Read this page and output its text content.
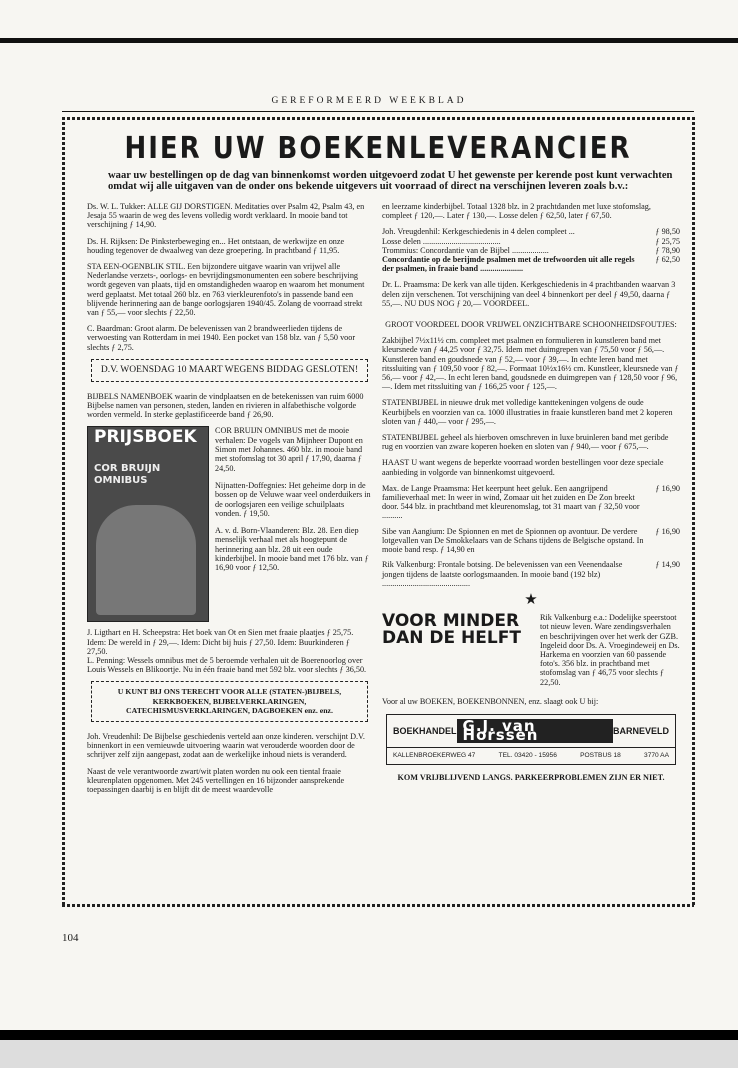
GEREFORMEERD WEEKBLAD
HIER UW BOEKENLEVERANCIER
waar uw bestellingen op de dag van binnenkomst worden uitgevoerd zodat U het gewenste per kerende post kunt verwachten omdat wij alle uitgaven van de onder ons bekende uitgevers uit voorraad of direct na verschijnen leveren zoals b.v.:

Ds. W. L. Tukker: ALLE GIJ DORSTIGEN. Meditaties over Psalm 42, Psalm 43, en Jesaja 55 waarin de weg des levens volledig wordt verklaard. In mooie band tot verschijning ƒ 14,90.

Ds. H. Rijksen: De Pinksterbeweging en... Het ontstaan, de werkwijze en onze houding tegenover de dwaalweg van deze groepering. In prachtband ƒ 11,95.

STA EEN-OGENBLIK STIL. Een bijzondere uitgave waarin van vrijwel alle Nederlandse verzets-, oorlogs- en bevrijdingsmonumenten een sobere beschrijving wordt gegeven van plaats, tijd en omstandigheden waarop en waarom het monument werd geplaatst. Met totaal 260 blz. en 763 vierkleurenfoto's in passende band een blijvende herinnering aan de bange oorlogsjaren 1940/45. Zolang de voorraad strekt van ƒ 55,— voor slechts ƒ 22,50.

C. Baardman: Groot alarm. De belevenissen van 2 brandweerlieden tijdens de verwoesting van Rotterdam in mei 1940. Een pocket van 158 blz. van ƒ 5,50 voor slechts ƒ 2,75.

D.V. WOENSDAG 10 MAART WEGENS BIDDAG GESLOTEN!

BIJBELS NAMENBOEK waarin de vindplaatsen en de betekenissen van ruim 6000 Bijbelse namen van personen, steden, landen en rivieren in alfabethische volgorde worden vermeld. In sterke geplastificeerde band ƒ 26,90.

PRIJSBOEK
COR BRUIJN OMNIBUS

COR BRUIJN OMNIBUS met de mooie verhalen: De vogels van Mijnheer Dupont en Simon met Johannes. 460 blz. in mooie band met stofomslag tot 30 april ƒ 17,90, daarna ƒ 24,50.

Nijnatten-Doffegnies: Het geheime dorp in de bossen op de Veluwe waar veel onderduikers in de oorlogsjaren een veilige schuilplaats vonden. ƒ 19,50.

A. v. d. Born-Vlaanderen: Blz. 28. Een diep menselijk verhaal met als hoogtepunt de herinnering aan blz. 28 uit een oude kinderbijbel. In mooie band met 176 blz. van ƒ 16,90 voor ƒ 12,50.

J. Ligthart en H. Scheepstra: Het boek van Ot en Sien met fraaie plaatjes ƒ 25,75. Idem: De wereld in ƒ 29,—. Idem: Dicht bij huis ƒ 27,50. Idem: Buurkinderen ƒ 27,50.

L. Penning: Wessels omnibus met de 5 beroemde verhalen uit de Boerenoorlog over Louis Wessels en Blikoortje. Nu in één fraaie band met 592 blz. voor slechts ƒ 36,50.

U KUNT BIJ ONS TERECHT VOOR ALLE (STATEN-)BIJBELS, KERKBOEKEN, BIJBELVERKLARINGEN, CATECHISMUSVERKLARINGEN, DAGBOEKEN enz. enz.

Joh. Vreudenhil: De Bijbelse geschiedenis verteld aan onze kinderen. verschijnt D.V. binnenkort in een vernieuwde uitvoering waarin wat verouderde woorden door de schrijver zelf zijn aangepast, zodat aan de werkelijke inhoud niets is veranderd.

Naast de vele verantwoorde zwart/wit platen worden nu ook een tiental fraaie kleurenplaten opgenomen. Met 245 vertellingen en 16 bijzonder aansprekende toepassingen daarbij is en blijft dit de meest waardevolle

en leerzame kinderbijbel. Totaal 1328 blz. in 2 prachtdanden met luxe stofomslag, compleet ƒ 120,—. Later ƒ 130,—. Losse delen ƒ 62,50, later ƒ 67,50.

Joh. Vreugdenhil: Kerkgeschiedenis in 4 delen compleet ...	ƒ 98,50
Losse delen ......................................	ƒ 25,75
Trommius: Concordantie van de Bijbel ..................	ƒ 78,90
Concordantie op de berijmde psalmen met de trefwoorden uit alle regels der psalmen, in fraaie band .....................
ƒ 62,50

Dr. L. Praamsma: De kerk van alle tijden. Kerkgeschiedenis in 4 prachtbanden waarvan 3 delen zijn verschenen. Tot verschijning van deel 4 binnenkort per deel ƒ 49,50, daarna ƒ 55,—. NU DUS NOG ƒ 20,— VOORDEEL.

GROOT VOORDEEL DOOR VRIJWEL ONZICHTBARE SCHOONHEIDSFOUTJES:

Zakbijbel 7½x11½ cm. compleet met psalmen en formulieren in kunstleren band met kleursnede van ƒ 44,25 voor ƒ 32,75. Idem met duimgrepen van ƒ 75,50 voor ƒ 56,—. Kunstleren band en goudsnede van ƒ 52,— voor ƒ 39,—. In echte leren band met ritssluiting van ƒ 109,50 voor ƒ 82,—. Formaat 10½x16½ cm. Kunstleer, kleursnede van ƒ 56,— voor ƒ 42,—. In echt leren band, goudsnede en duimgrepen van ƒ 128,50 voor ƒ 96,—. Idem met ritssluiting van ƒ 166,25 voor ƒ 125,—.

STATENBIJBEL in nieuwe druk met volledige kanttekeningen volgens de oude Keurbijbels en voorzien van ca. 1000 illustraties in fraaie kunstleren band met 2 koperen sloten van ƒ 440,— voor ƒ 295,—.

STATENBIJBEL geheel als hierboven omschreven in luxe bruinleren band met geribde rug en voorzien van zware koperen hoeken en sloten van ƒ 940,— voor ƒ 675,—.

HAAST U want wegens de beperkte voorraad worden bestellingen voor deze speciale aanbieding in volgorde van binnenkomst uitgevoerd.

Max. de Lange Praamsma: Het keerpunt heet geluk. Een aangrijpend familieverhaal met: In weer in wind, Zomaar uit het zuiden en De Zon breekt door. 544 blz. in prachtband met kleurenomslag, tot 31 maart van ƒ 32,50 voor ..........
ƒ 16,90
Sibe van Aangium: De Spionnen en met de Spionnen op avontuur. De verdere lotgevallen van De Smokkelaars van de Schans tijdens de Belgische opstand. In mooie band resp. ƒ 14,90 en
ƒ 16,90
Rik Valkenburg: Frontale botsing. De belevenissen van een Veenendaalse jongen tijdens de laatste oorlogsmaanden. In mooie band (192 blz) ...........................................
ƒ 14,90
★
VOOR MINDER DAN DE HELFT
Rik Valkenburg e.a.: Dodelijke speerstoot tot nieuw leven. Ware zendingsverhalen en beschrijvingen over het werk der GZB. Ingeleid door Ds. A. Vroegindeweij en Ds. Harkema en voorzien van 60 passende foto's. 356 blz. in prachtband met stofomslag van ƒ 46,75 voor slechts ƒ 22,50.

Voor al uw BOEKEN, BOEKENBONNEN, enz. slaagt ook U bij:

BOEKHANDEL G.J. van Horssen	BARNEVELD
KALLENBROEKERWEG 47	TEL. 03420 - 15956	POSTBUS 18	3770 AA

KOM VRIJBLIJVEND LANGS. PARKEERPROBLEMEN ZIJN ER NIET.

104
